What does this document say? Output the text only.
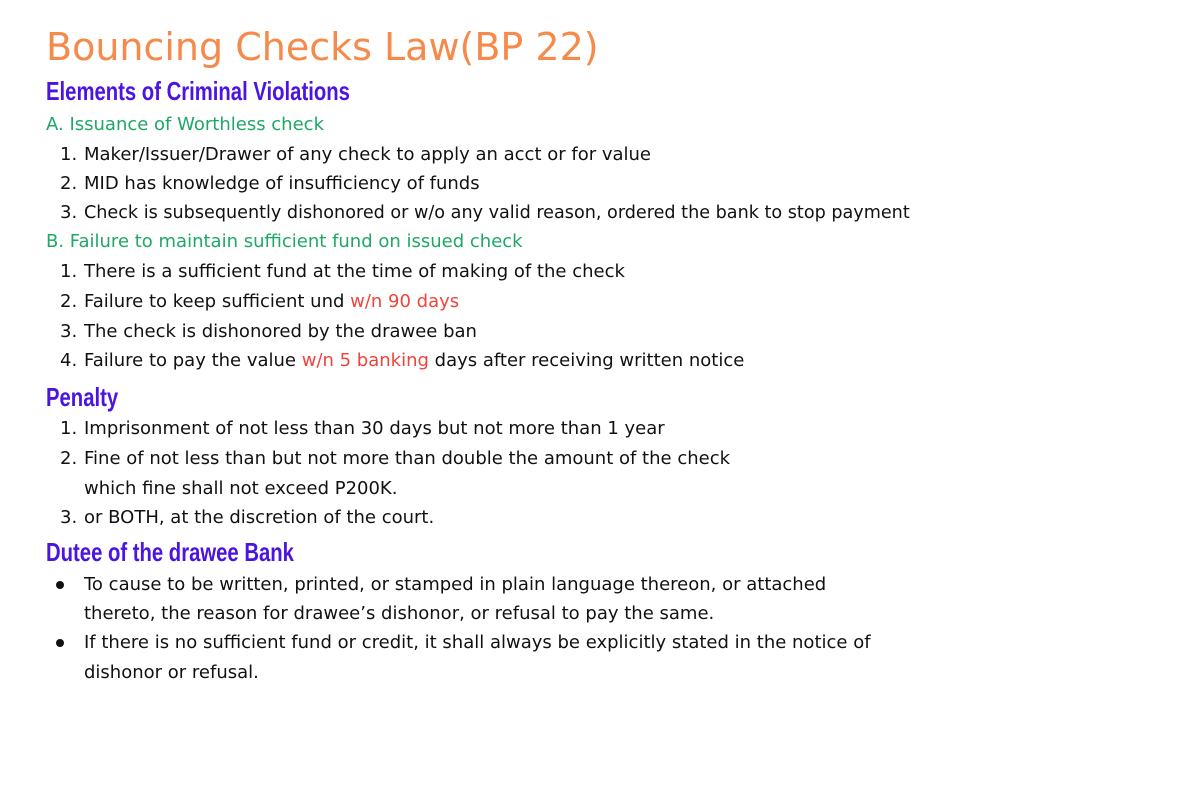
Bouncing Checks Law(BP 22)
Elements of Criminal Violations
A. Issuance of Worthless check
1. Maker/Issuer/Drawer of any check to apply an acct or for value
2. MID has knowledge of insufficiency of funds
3. Check is subsequently dishonored or w/o any valid reason, ordered the bank to stop payment
B. Failure to maintain sufficient fund on issued check
1. There is a sufficient fund at the time of making of the check
2. Failure to keep sufficient und w/n 90 days
3. The check is dishonored by the drawee ban
4. Failure to pay the value w/n 5 banking days after receiving written notice
Penalty
1. Imprisonment of not less than 30 days but not more than 1 year
2. Fine of not less than but not more than double the amount of the check
which fine shall not exceed P200K.
3. or BOTH, at the discretion of the court.
Dutee of the drawee Bank
To cause to be written, printed, or stamped in plain language thereon, or attached
thereto, the reason for drawee’s dishonor, or refusal to pay the same.
If there is no sufficient fund or credit, it shall always be explicitly stated in the notice of
dishonor or refusal.
